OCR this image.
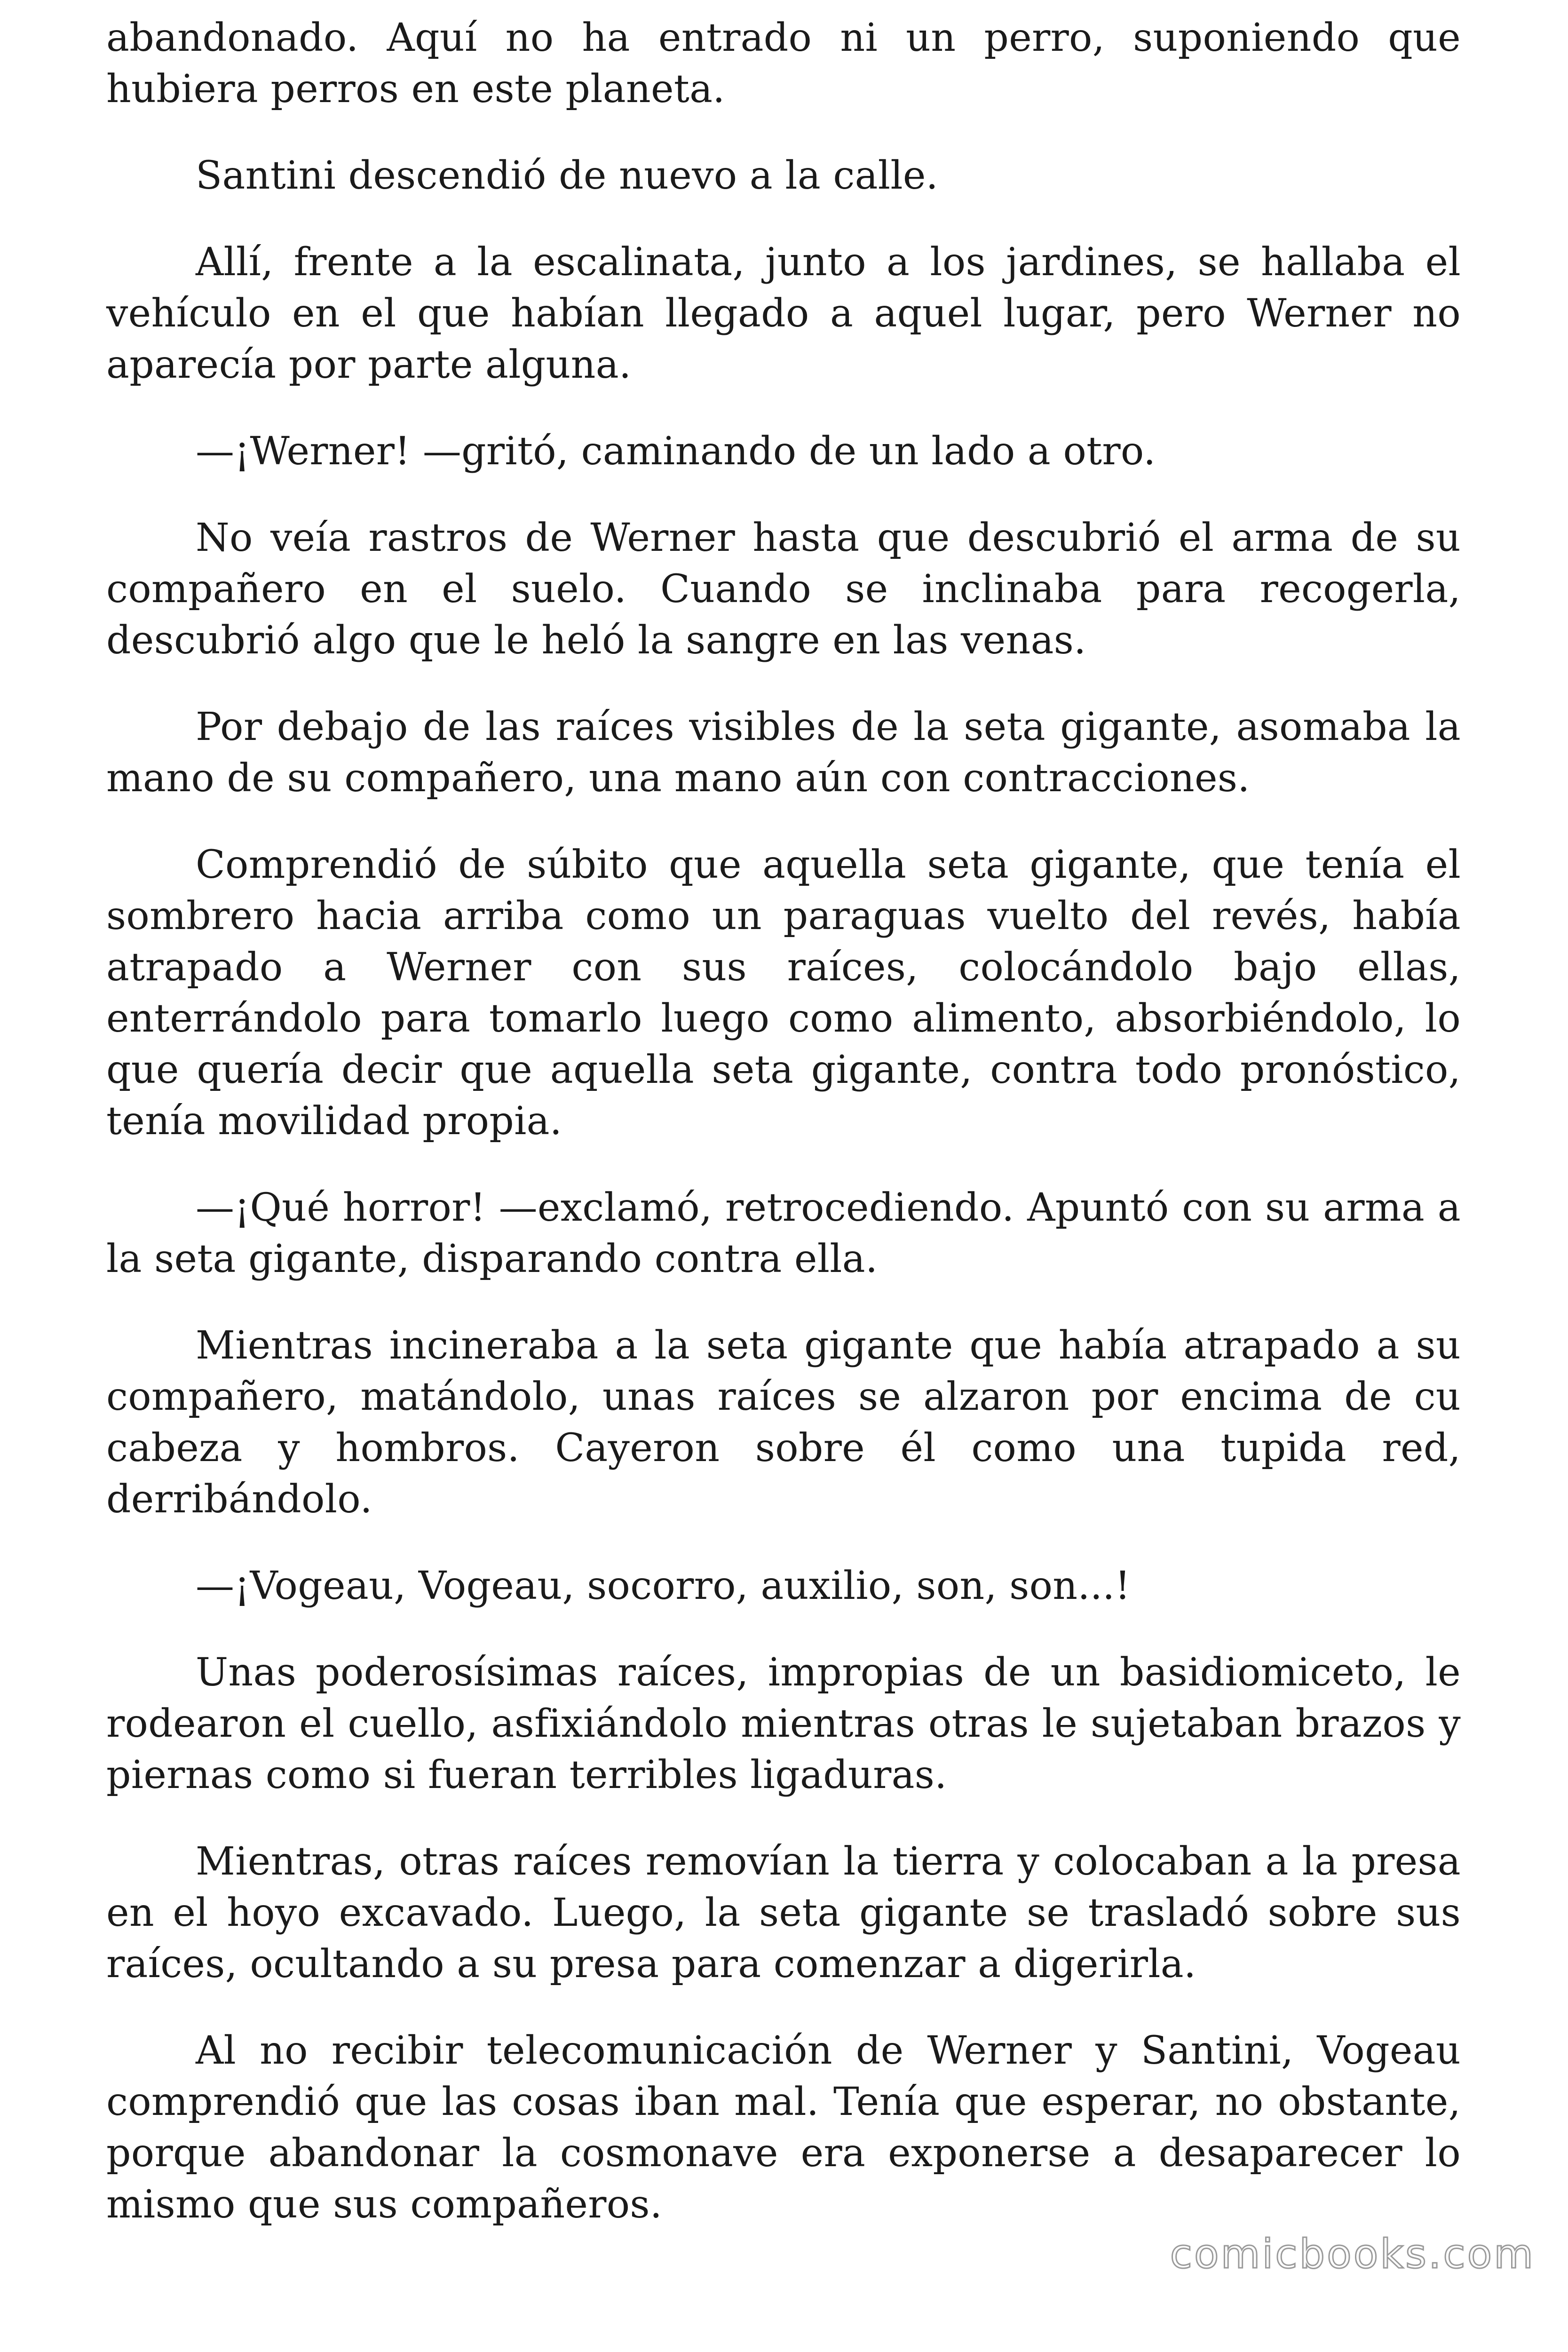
abandonado. Aquí no ha entrado ni un perro, suponiendo que hubiera perros en este planeta.

Santini descendió de nuevo a la calle.

Allí, frente a la escalinata, junto a los jardines, se hallaba el vehículo en el que habían llegado a aquel lugar, pero Werner no aparecía por parte alguna.

—¡Werner! —gritó, caminando de un lado a otro.

No veía rastros de Werner hasta que descubrió el arma de su compañero en el suelo. Cuando se inclinaba para recogerla, descubrió algo que le heló la sangre en las venas.

Por debajo de las raíces visibles de la seta gigante, asomaba la mano de su compañero, una mano aún con contracciones.

Comprendió de súbito que aquella seta gigante, que tenía el sombrero hacia arriba como un paraguas vuelto del revés, había atrapado a Werner con sus raíces, colocándolo bajo ellas, enterrándolo para tomarlo luego como alimento, absorbiéndolo, lo que quería decir que aquella seta gigante, contra todo pronóstico, tenía movilidad propia.

—¡Qué horror! —exclamó, retrocediendo. Apuntó con su arma a la seta gigante, disparando contra ella.

Mientras incineraba a la seta gigante que había atrapado a su compañero, matándolo, unas raíces se alzaron por encima de cu cabeza y hombros. Cayeron sobre él como una tupida red, derribándolo.

—¡Vogeau, Vogeau, socorro, auxilio, son, son...!

Unas poderosísimas raíces, impropias de un basidiomiceto, le rodearon el cuello, asfixiándolo mientras otras le sujetaban brazos y piernas como si fueran terribles ligaduras.

Mientras, otras raíces removían la tierra y colocaban a la presa en el hoyo excavado. Luego, la seta gigante se trasladó sobre sus raíces, ocultando a su presa para comenzar a digerirla.

Al no recibir telecomunicación de Werner y Santini, Vogeau comprendió que las cosas iban mal. Tenía que esperar, no obstante, porque abandonar la cosmonave era exponerse a desaparecer lo mismo que sus compañeros.

comicbooks.com
